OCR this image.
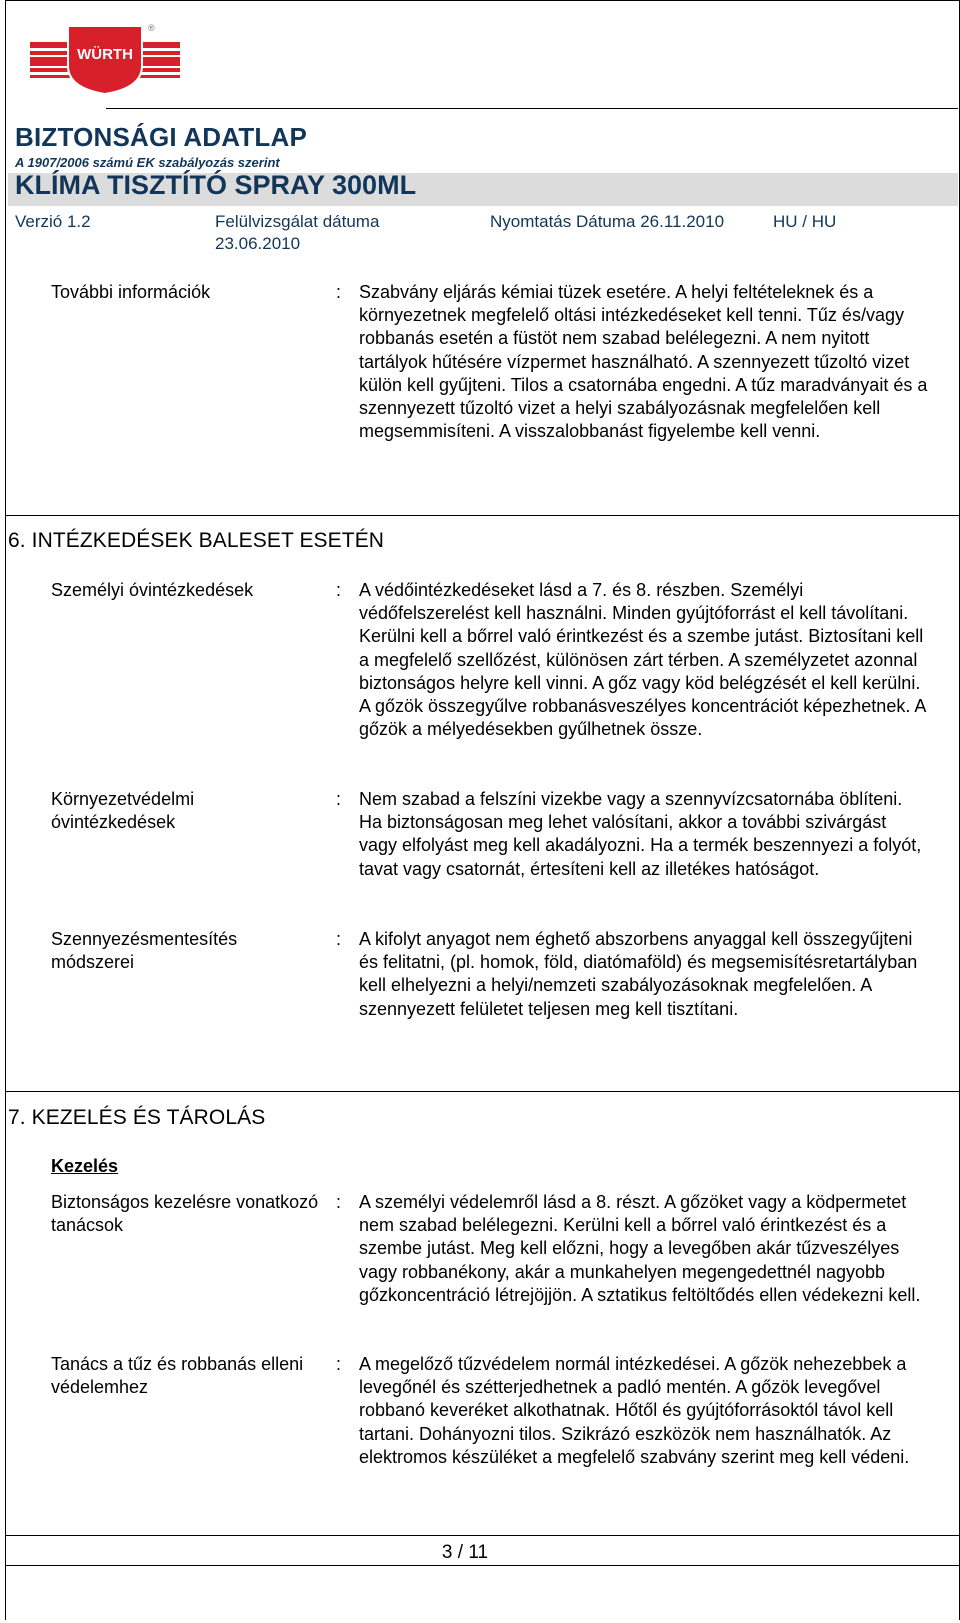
WÜRTH
®
BIZTONSÁGI ADATLAP
A 1907/2006 számú EK szabályozás szerint
KLÍMA TISZTÍTÓ SPRAY 300ML
Verzió 1.2	Felülvizsgálat dátuma
23.06.2010
Nyomtatás Dátuma 26.11.2010	HU / HU
További információk	: Szabvány eljárás kémiai tüzek esetére. A helyi feltételeknek és a környezetnek megfelelő oltási intézkedéseket kell tenni. Tűz és/vagy robbanás esetén a füstöt nem szabad belélegezni. A nem nyitott tartályok hűtésére vízpermet használható. A szennyezett tűzoltó vizet külön kell gyűjteni. Tilos a csatornába engedni. A tűz maradványait és a szennyezett tűzoltó vizet a helyi szabályozásnak megfelelően kell megsemmisíteni. A visszalobbanást figyelembe kell venni.
6. INTÉZKEDÉSEK BALESET ESETÉN
Személyi óvintézkedések	: A védőintézkedéseket lásd a 7. és 8. részben. Személyi védőfelszerelést kell használni. Minden gyújtóforrást el kell távolítani. Kerülni kell a bőrrel való érintkezést és a szembe jutást. Biztosítani kell a megfelelő szellőzést, különösen zárt térben. A személyzetet azonnal biztonságos helyre kell vinni. A gőz vagy köd belégzését el kell kerülni. A gőzök összegyűlve robbanásveszélyes koncentrációt képezhetnek. A gőzök a mélyedésekben gyűlhetnek össze.
Környezetvédelmi óvintézkedések
: Nem szabad a felszíni vizekbe vagy a szennyvízcsatornába öblíteni. Ha biztonságosan meg lehet valósítani, akkor a további szivárgást vagy elfolyást meg kell akadályozni. Ha a termék beszennyezi a folyót, tavat vagy csatornát, értesíteni kell az illetékes hatóságot.
Szennyezésmentesítés módszerei
: A kifolyt anyagot nem éghető abszorbens anyaggal kell összegyűjteni és felitatni, (pl. homok, föld, diatómaföld) és megsemisítésretartályban kell elhelyezni a helyi/nemzeti szabályozásoknak megfelelően. A szennyezett felületet teljesen meg kell tisztítani.
7. KEZELÉS ÉS TÁROLÁS
Kezelés
Biztonságos kezelésre vonatkozó tanácsok
: A személyi védelemről lásd a 8. részt. A gőzöket vagy a ködpermetet nem szabad belélegezni. Kerülni kell a bőrrel való érintkezést és a szembe jutást. Meg kell előzni, hogy a levegőben akár tűzveszélyes vagy robbanékony, akár a munkahelyen megengedettnél nagyobb gőzkoncentráció létrejöjjön. A sztatikus feltöltődés ellen védekezni kell.
Tanács a tűz és robbanás elleni védelemhez
: A megelőző tűzvédelem normál intézkedései. A gőzök nehezebbek a levegőnél és szétterjedhetnek a padló mentén. A gőzök levegővel robbanó keveréket alkothatnak. Hőtől és gyújtóforrásoktól távol kell tartani. Dohányozni tilos. Szikrázó eszközök nem használhatók. Az elektromos készüléket a megfelelő szabvány szerint meg kell védeni.
3 / 11
